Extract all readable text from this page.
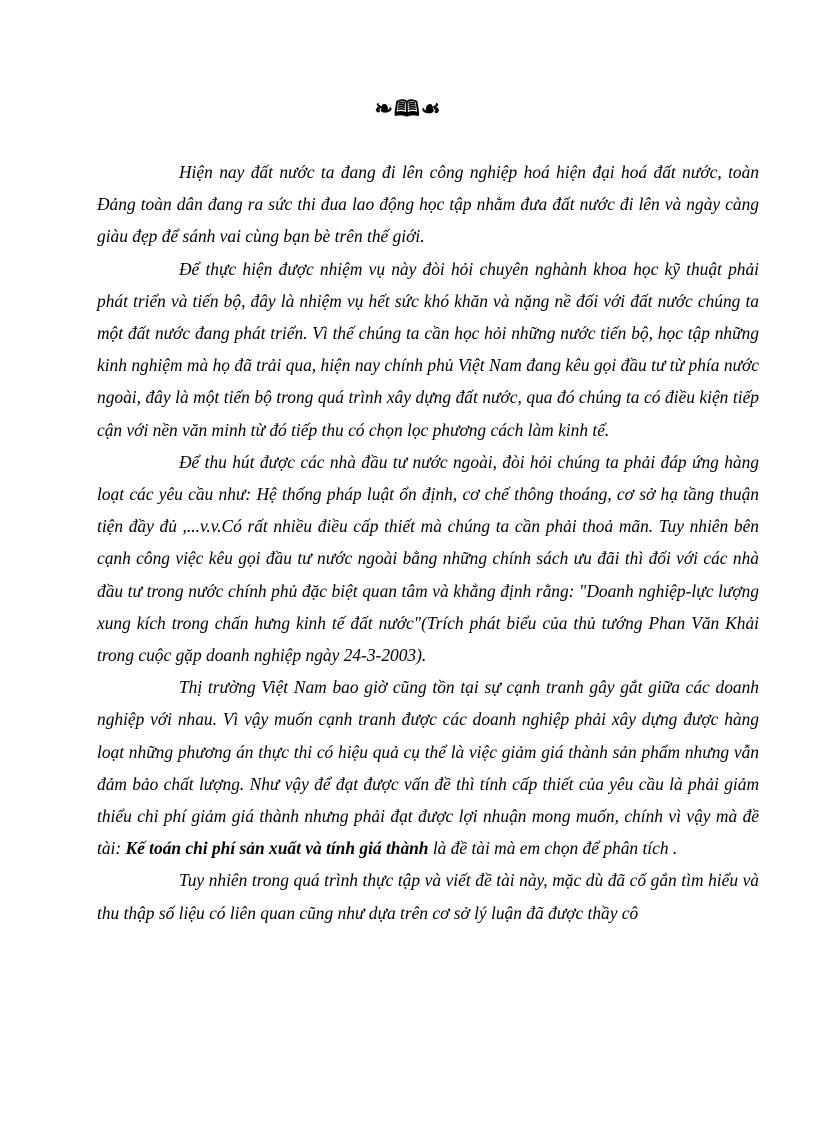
❧🕮☙

Hiện nay đất nước ta đang đi lên công nghiệp hoá hiện đại hoá đất nước, toàn Đảng toàn dân đang ra sức thi đua lao động học tập nhằm đưa đất nước đi lên và ngày càng giàu đẹp để sánh vai cùng bạn bè trên thế giới.

Để thực hiện được nhiệm vụ này đòi hỏi chuyên nghành khoa học kỹ thuật phải phát triển và tiến bộ, đây là nhiệm vụ hết sức khó khăn và nặng nề đối với đất nước chúng ta một đất nước đang phát triển. Vì thế chúng ta cần học hỏi những nước tiến bộ, học tập những kinh nghiệm mà họ đã trải qua, hiện nay chính phủ Việt Nam đang kêu gọi đầu tư từ phía nước ngoài, đây là một tiến bộ trong quá trình xây dựng đất nước, qua đó chúng ta có điều kiện tiếp cận với nền văn minh từ đó tiếp thu có chọn lọc phương cách làm kinh tế.

Để thu hút được các nhà đầu tư nước ngoài, đòi hỏi chúng ta phải đáp ứng hàng loạt các yêu cầu như: Hệ thống pháp luật ổn định, cơ chế thông thoáng, cơ sở hạ tầng thuận tiện đầy đủ ,...v.v.Có rất nhiều điều cấp thiết mà chúng ta cần phải thoả mãn. Tuy nhiên bên cạnh công việc kêu gọi đầu tư nước ngoài bằng những chính sách ưu đãi thì đối với các nhà đầu tư trong nước chính phủ đặc biệt quan tâm và khẳng định rằng: "Doanh nghiệp-lực lượng xung kích trong chấn hưng kinh tế đất nước"(Trích phát biểu của thủ tướng Phan Văn Khải trong cuộc gặp doanh nghiệp ngày 24-3-2003).

Thị trường Việt Nam bao giờ cũng tồn tại sự cạnh tranh gây gắt giữa các doanh nghiệp với nhau. Vì vậy muốn cạnh tranh được các doanh nghiệp phải xây dựng được hàng loạt những phương án thực thi có hiệu quả cụ thể là việc giảm giá thành sản phẩm nhưng vẫn đảm bảo chất lượng. Như vậy để đạt được vấn đề thì tính cấp thiết của yêu cầu là phải giảm thiểu chi phí giảm giá thành nhưng phải đạt được lợi nhuận mong muốn, chính vì vậy mà đề tài: Kế toán chi phí sản xuất và tính giá thành là đề tài mà em chọn để phân tích .

Tuy nhiên trong quá trình thực tập và viết đề tài này, mặc dù đã cố gắn tìm hiểu và thu thập số liệu có liên quan cũng như dựa trên cơ sở lý luận đã được thầy cô
